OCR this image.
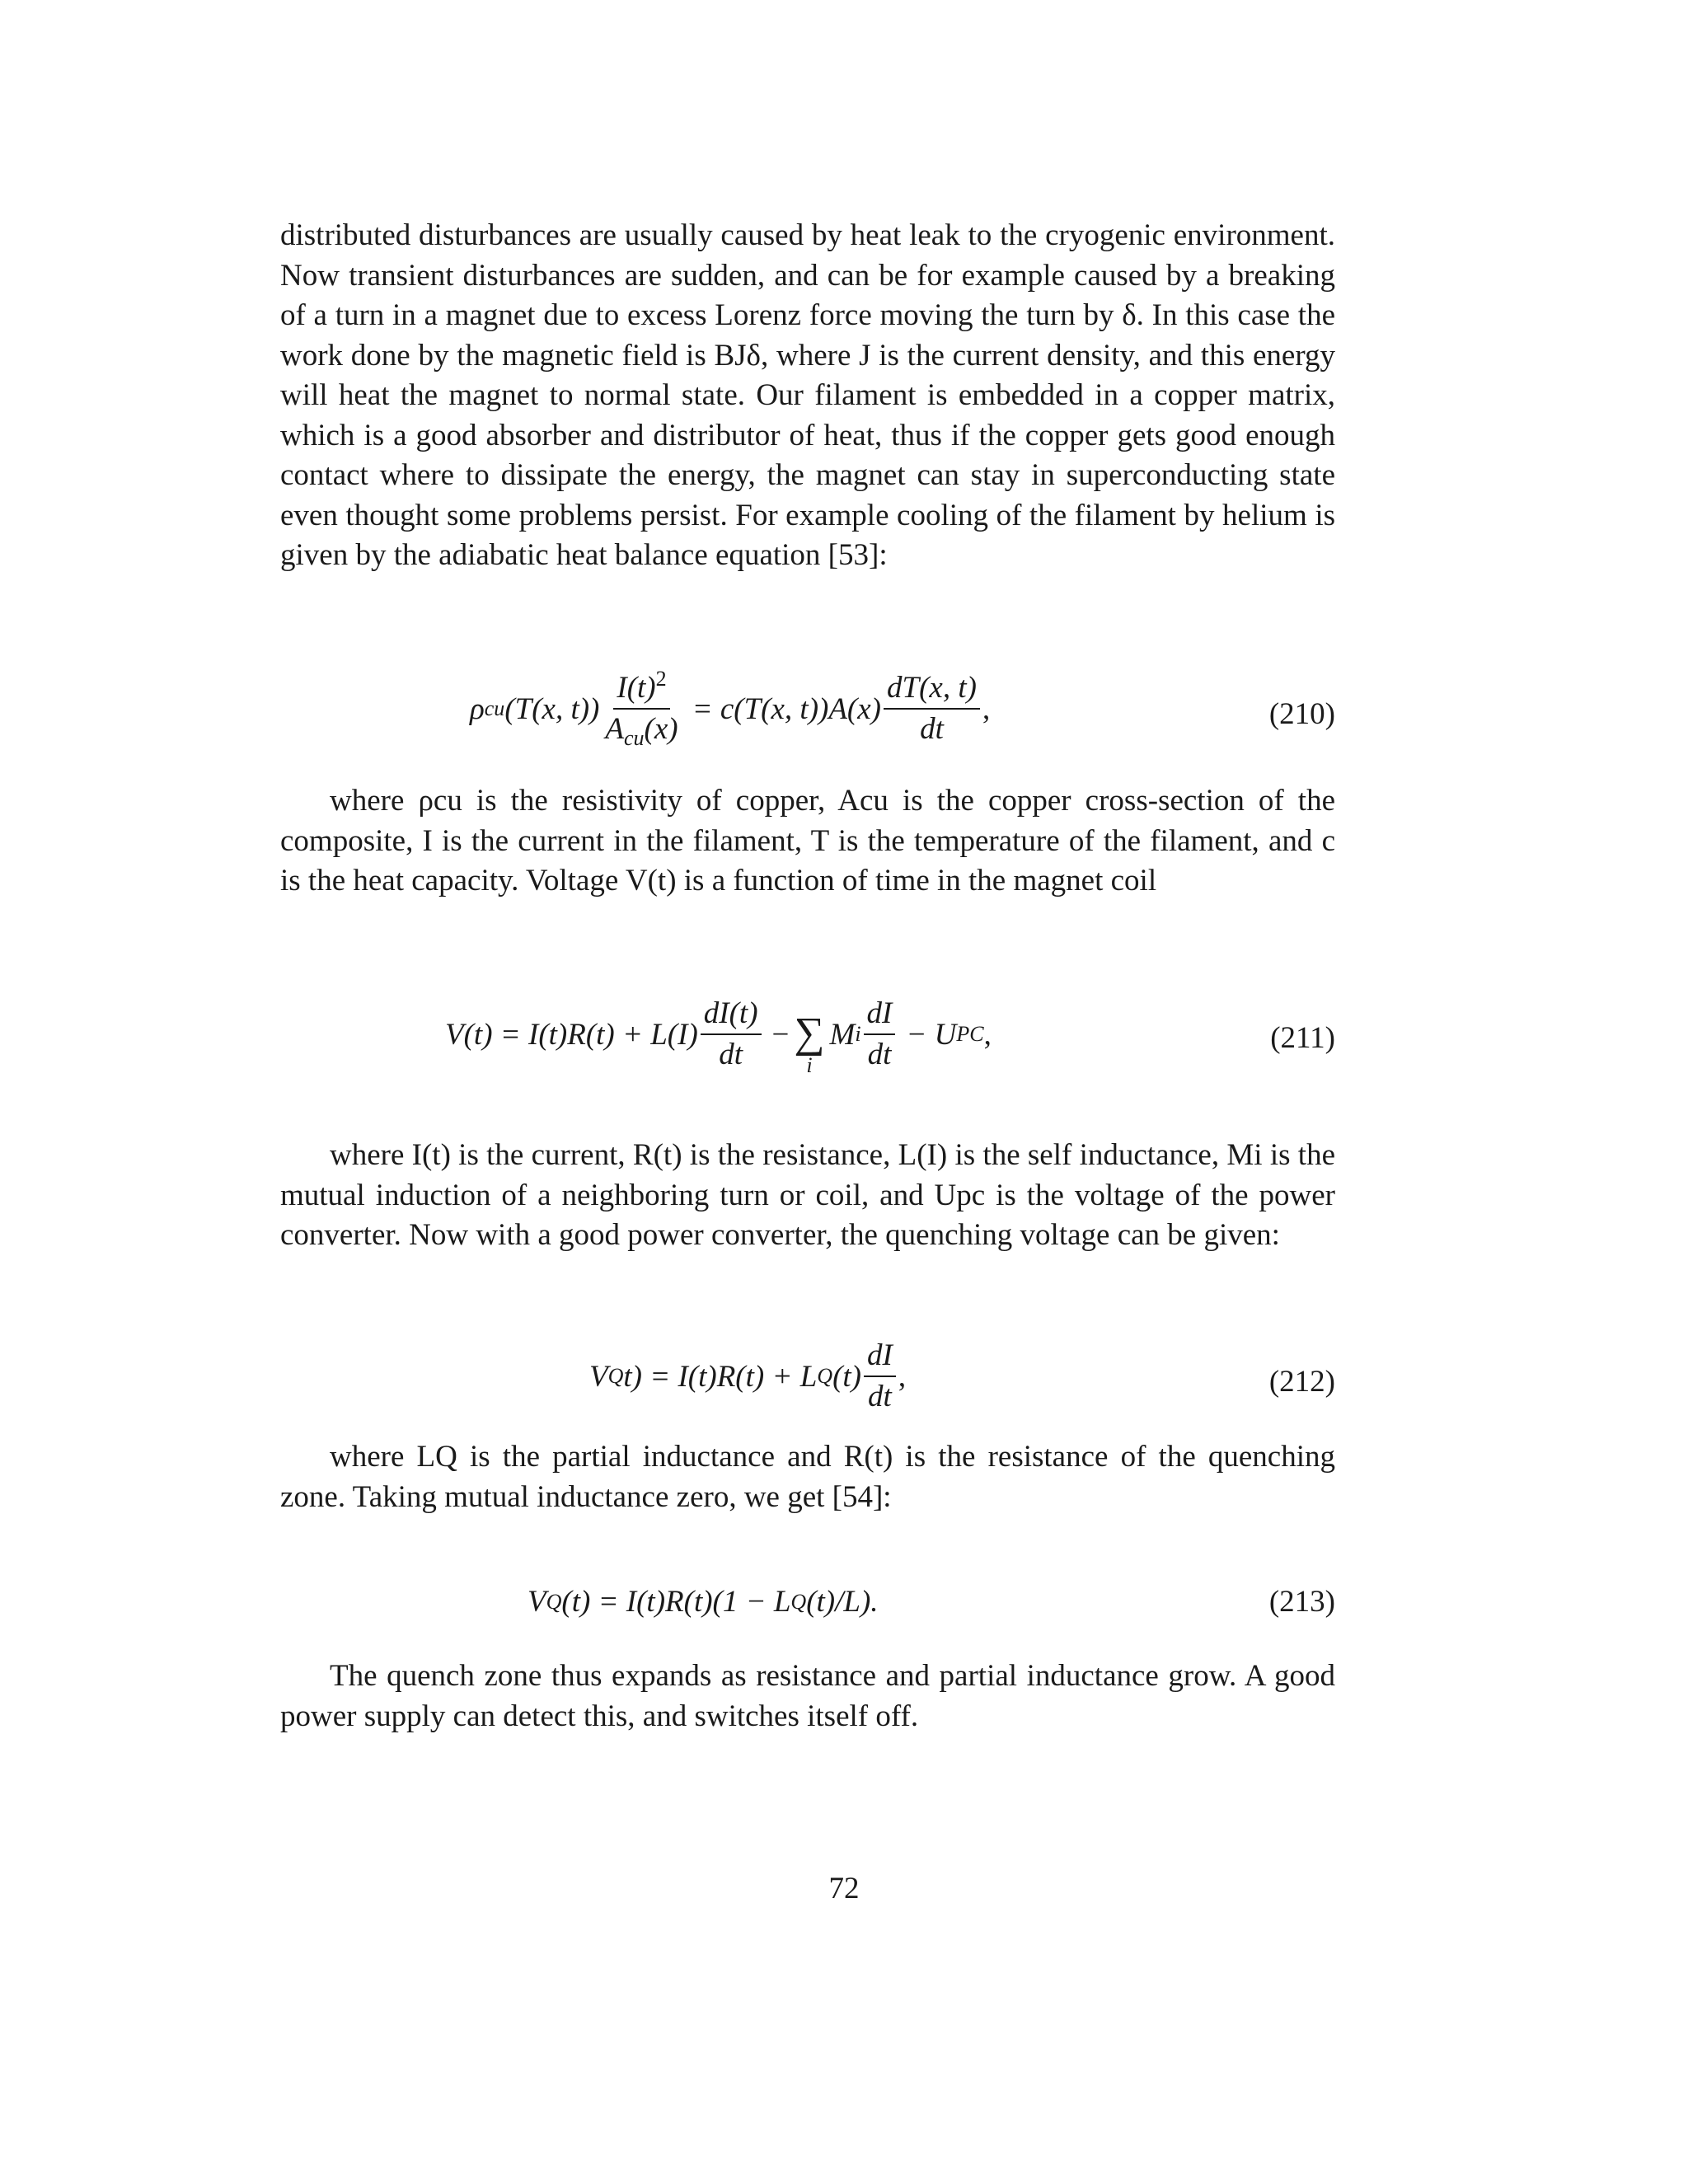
distributed disturbances are usually caused by heat leak to the cryogenic environment. Now transient disturbances are sudden, and can be for example caused by a breaking of a turn in a magnet due to excess Lorenz force moving the turn by δ. In this case the work done by the magnetic field is BJδ, where J is the current density, and this energy will heat the magnet to normal state. Our filament is embedded in a copper matrix, which is a good absorber and distributor of heat, thus if the copper gets good enough contact where to dissipate the energy, the magnet can stay in superconducting state even thought some problems persist. For example cooling of the filament by helium is given by the adiabatic heat balance equation [53]:
ρ cu (T(x, $t)) \frac{I(t)^2}{A_{cu}(x)} = c(T(x$, $t))A(x) \frac{dT(x, t)}{dt}$ ,	(210)
where ρcu is the resistivity of copper, Acu is the copper cross-section of the composite, I is the current in the filament, T is the temperature of the filament, and c is the heat capacity. Voltage V(t) is a function of time in the magnet coil
$V(t) = I(t)R(t) + L(I) \frac{dI(t)}{dt}$ − ∑
i
M i $\frac{dI}{dt} - U$ PC ,	(211)
where I(t) is the current, R(t) is the resistance, L(I) is the self inductance, Mi is the mutual induction of a neighboring turn or coil, and Upc is the voltage of the power converter. Now with a good power converter, the quenching voltage can be given:
V Q t) = I(t)R(t) + L Q $(t) \frac{dI}{dt}$ ,	(212)
where LQ is the partial inductance and R(t) is the resistance of the quenching zone. Taking mutual inductance zero, we get [54]:
V Q (t) = I(t)R(t)(1 − L Q (t)/L).	(213)
The quench zone thus expands as resistance and partial inductance grow. A good power supply can detect this, and switches itself off.
72
